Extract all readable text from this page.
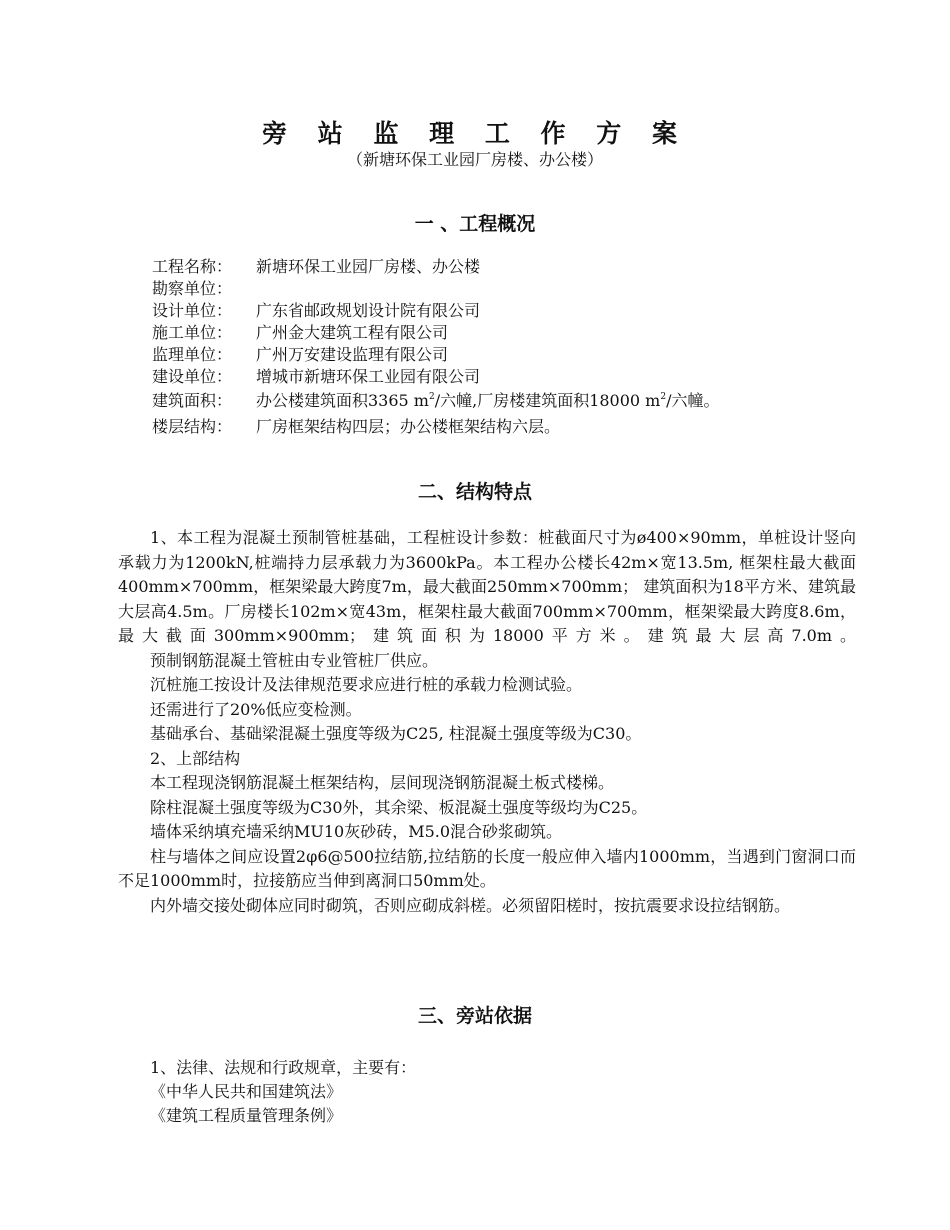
旁 站 监 理 工 作 方 案
（新塘环保工业园厂房楼、办公楼）
一 、工程概况
工程名称： 新塘环保工业园厂房楼、办公楼
勘察单位：
设计单位： 广东省邮政规划设计院有限公司
施工单位： 广州金大建筑工程有限公司
监理单位： 广州万安建设监理有限公司
建设单位： 增城市新塘环保工业园有限公司
建筑面积： 办公楼建筑面积3365 $m^2/$六幢,厂房楼建筑面积18000 $m^2/$六幢。
楼层结构： 厂房框架结构四层；办公楼框架结构六层。
二、结构特点

1、本工程为混凝土预制管桩基础，工程桩设计参数：桩截面尺寸为ø400×90mm，单桩设计竖向承载力为1200kN,桩端持力层承载力为3600kPa。本工程办公楼长42m×宽13.5m, 框架柱最大截面400mm×700mm，框架梁最大跨度7m，最大截面250mm×700mm； 建筑面积为18平方米、建筑最大层高4.5m。厂房楼长102m×宽43m，框架柱最大截面700mm×700mm，框架梁最大跨度8.6m， 最大截面300mm×900mm；建筑面积为18000平方米。建筑最大层高7.0m。

预制钢筋混凝土管桩由专业管桩厂供应。

沉桩施工按设计及法律规范要求应进行桩的承载力检测试验。

还需进行了20%低应变检测。

基础承台、基础梁混凝土强度等级为C25, 柱混凝土强度等级为C30。

2、上部结构

本工程现浇钢筋混凝土框架结构，层间现浇钢筋混凝土板式楼梯。

除柱混凝土强度等级为C30外，其余梁、板混凝土强度等级均为C25。

墙体采纳填充墙采纳MU10灰砂砖，M5.0混合砂浆砌筑。

柱与墙体之间应设置2φ6@500拉结筋,拉结筋的长度一般应伸入墙内1000mm，当遇到门窗洞口而不足1000mm时，拉接筋应当伸到离洞口50mm处。

内外墙交接处砌体应同时砌筑，否则应砌成斜槎。必须留阳槎时，按抗震要求设拉结钢筋。

三、旁站依据
1、法律、法规和行政规章，主要有：
《中华人民共和国建筑法》
《建筑工程质量管理条例》
